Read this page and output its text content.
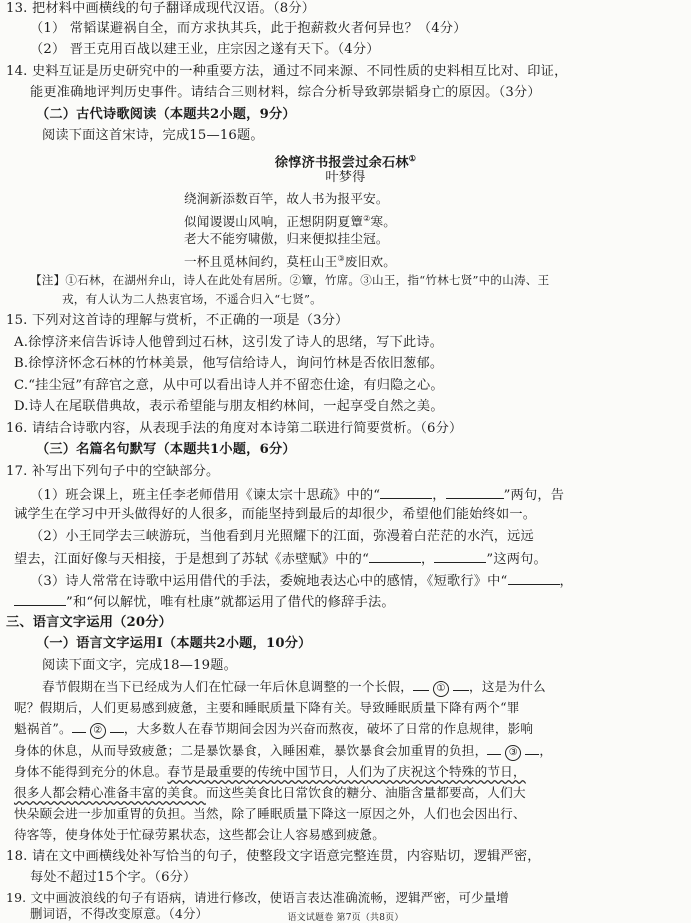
13. 把材料中画横线的句子翻译成现代汉语。（8分）
（1） 常韬谋避祸自全，而方求执其兵，此于抱薪救火者何异也？（4分）
（2） 晋王克用百战以建王业，庄宗因之遂有天下。（4分）
14. 史料互证是历史研究中的一种重要方法，通过不同来源、不同性质的史料相互比对、印证，
能更准确地评判历史事件。请结合三则材料，综合分析导致郭崇韬身亡的原因。（3分）
（二）古代诗歌阅读（本题共2小题，9分）
阅读下面这首宋诗，完成15—16题。
徐惇济书报尝过余石林①
叶梦得
绕涧新添数百竿，故人书为报平安。
似闻谡谡山风响，正想阴阴夏簟②寒。
老大不能穷啸傲，归来便拟挂尘冠。
一杯且觅林间约，莫枉山王③废旧欢。
【注】①石林，在湖州弁山，诗人在此处有居所。②簟，竹席。③山王，指“竹林七贤”中的山涛、王
戎，有人认为二人热衷官场，不遥合归入“七贤”。
15. 下列对这首诗的理解与赏析，不正确的一项是（3分）
A.徐惇济来信告诉诗人他曾到过石林，这引发了诗人的思绪，写下此诗。
B.徐惇济怀念石林的竹林美景，他写信给诗人，询问竹林是否依旧葱郁。
C.“挂尘冠”有辞官之意，从中可以看出诗人并不留恋仕途，有归隐之心。
D.诗人在尾联借典故，表示希望能与朋友相约林间，一起享受自然之美。
16. 请结合诗歌内容，从表现手法的角度对本诗第二联进行简要赏析。（6分）
（三）名篇名句默写（本题共1小题，6分）
17. 补写出下列句子中的空缺部分。
（1）班会课上，班主任李老师借用《谏太宗十思疏》中的“	，	”两句，告
诫学生在学习中开头做得好的人很多，而能坚持到最后的却很少，希望他们能始终如一。
（2）小王同学去三峡游玩，当他看到月光照耀下的江面，弥漫着白茫茫的水汽，远远
望去，江面好像与天相接，于是想到了苏轼《赤壁赋》中的“	，	”这两句。
（3）诗人常常在诗歌中运用借代的手法，委婉地表达心中的感情，《短歌行》中“	，
”和“何以解忧，唯有杜康”就都运用了借代的修辞手法。
三、语言文字运用（20分）
（一）语言文字运用Ⅰ（本题共2小题，10分）
阅读下面文字，完成18—19题。
春节假期在当下已经成为人们在忙碌一年后休息调整的一个长假， ① ，这是为什么
呢？假期后，人们更易感到疲惫，主要和睡眠质量下降有关。导致睡眠质量下降有两个“罪
魁祸首”。 ② ，大多数人在春节期间会因为兴奋而熬夜，破坏了日常的作息规律，影响
身体的休息，从而导致疲惫；二是暴饮暴食，入睡困难，暴饮暴食会加重胃的负担， ③ ，
身体不能得到充分的休息。春节是最重要的传统中国节日，人们为了庆祝这个特殊的节日，
很多人都会精心准备丰富的美食。而这些美食比日常饮食的糖分、油脂含量都要高，人们大
快朵颐会进一步加重胃的负担。当然，除了睡眠质量下降这一原因之外，人们也会因出行、
待客等，使身体处于忙碌劳累状态，这些都会让人容易感到疲惫。
18. 请在文中画横线处补写恰当的句子，使整段文字语意完整连贯，内容贴切，逻辑严密，
每处不超过15个字。（6分）
19. 文中画波浪线的句子有语病，请进行修改，使语言表达准确流畅，逻辑严密，可少量增
删词语，不得改变原意。（4分）	语文试题卷 第7页（共8页）
